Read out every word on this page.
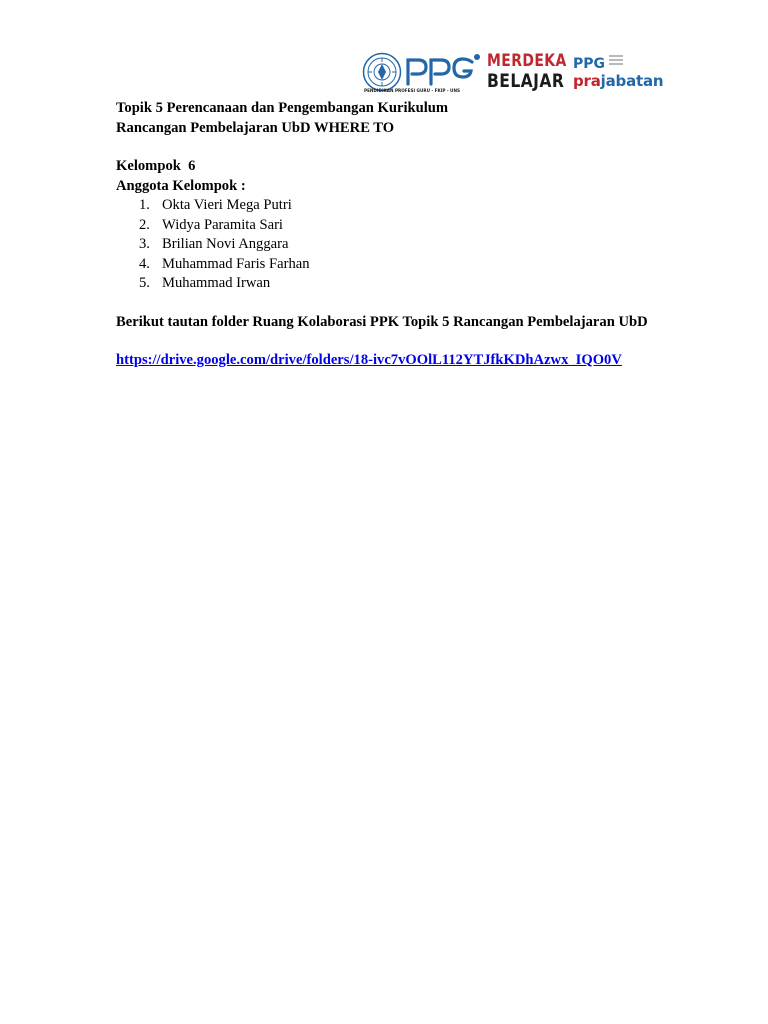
PENDIDIKAN PROFESI GURU - FKIP - UNS
MERDEKA
BELAJAR
PPG
prajabatan
Topik 5 Perencanaan dan Pengembangan Kurikulum
Rancangan Pembelajaran UbD WHERE TO
Kelompok  6
Anggota Kelompok :
1. Okta Vieri Mega Putri
2. Widya Paramita Sari
3. Brilian Novi Anggara
4. Muhammad Faris Farhan
5. Muhammad Irwan
Berikut tautan folder Ruang Kolaborasi PPK Topik 5 Rancangan Pembelajaran UbD
https://drive.google.com/drive/folders/18-ivc7vOOlL112YTJfkKDhAzwx_IQO0V
